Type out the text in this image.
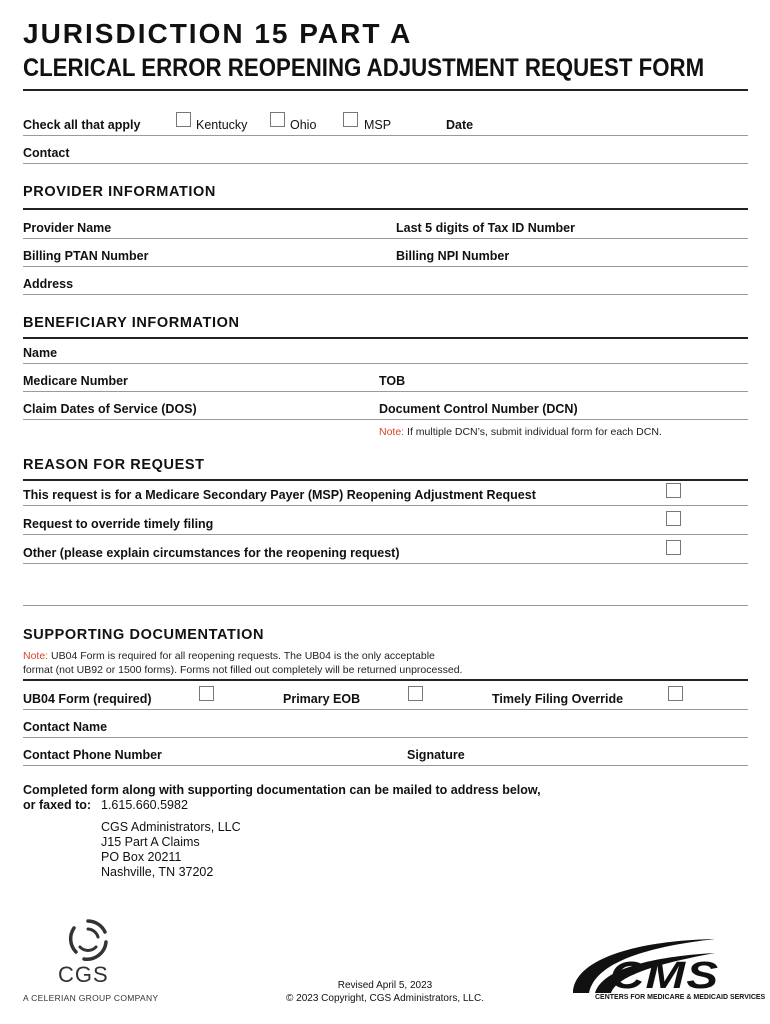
JURISDICTION 15 PART A
CLERICAL ERROR REOPENING ADJUSTMENT REQUEST FORM
Check all that apply	Kentucky	Ohio	MSP	Date
Contact
PROVIDER INFORMATION
Provider Name	Last 5 digits of Tax ID Number
Billing PTAN Number	Billing NPI Number
Address
BENEFICIARY INFORMATION
Name
Medicare Number	TOB
Claim Dates of Service (DOS)	Document Control Number (DCN)
Note: If multiple DCN’s, submit individual form for each DCN.
REASON FOR REQUEST
This request is for a Medicare Secondary Payer (MSP) Reopening Adjustment Request
Request to override timely filing
Other (please explain circumstances for the reopening request)
SUPPORTING DOCUMENTATION
Note: UB04 Form is required for all reopening requests. The UB04 is the only acceptable
format (not UB92 or 1500 forms). Forms not filled out completely will be returned unprocessed.
UB04 Form (required)	Primary EOB	Timely Filing Override
Contact Name
Contact Phone Number	Signature
Completed form along with supporting documentation can be mailed to address below,
or faxed to: 1.615.660.5982
CGS Administrators, LLC
J15 Part A Claims
PO Box 20211
Nashville, TN 37202
CGS
A CELERIAN GROUP COMPANY
Revised April 5, 2023
© 2023 Copyright, CGS Administrators, LLC.
CMS
CENTERS FOR MEDICARE & MEDICAID SERVICES
